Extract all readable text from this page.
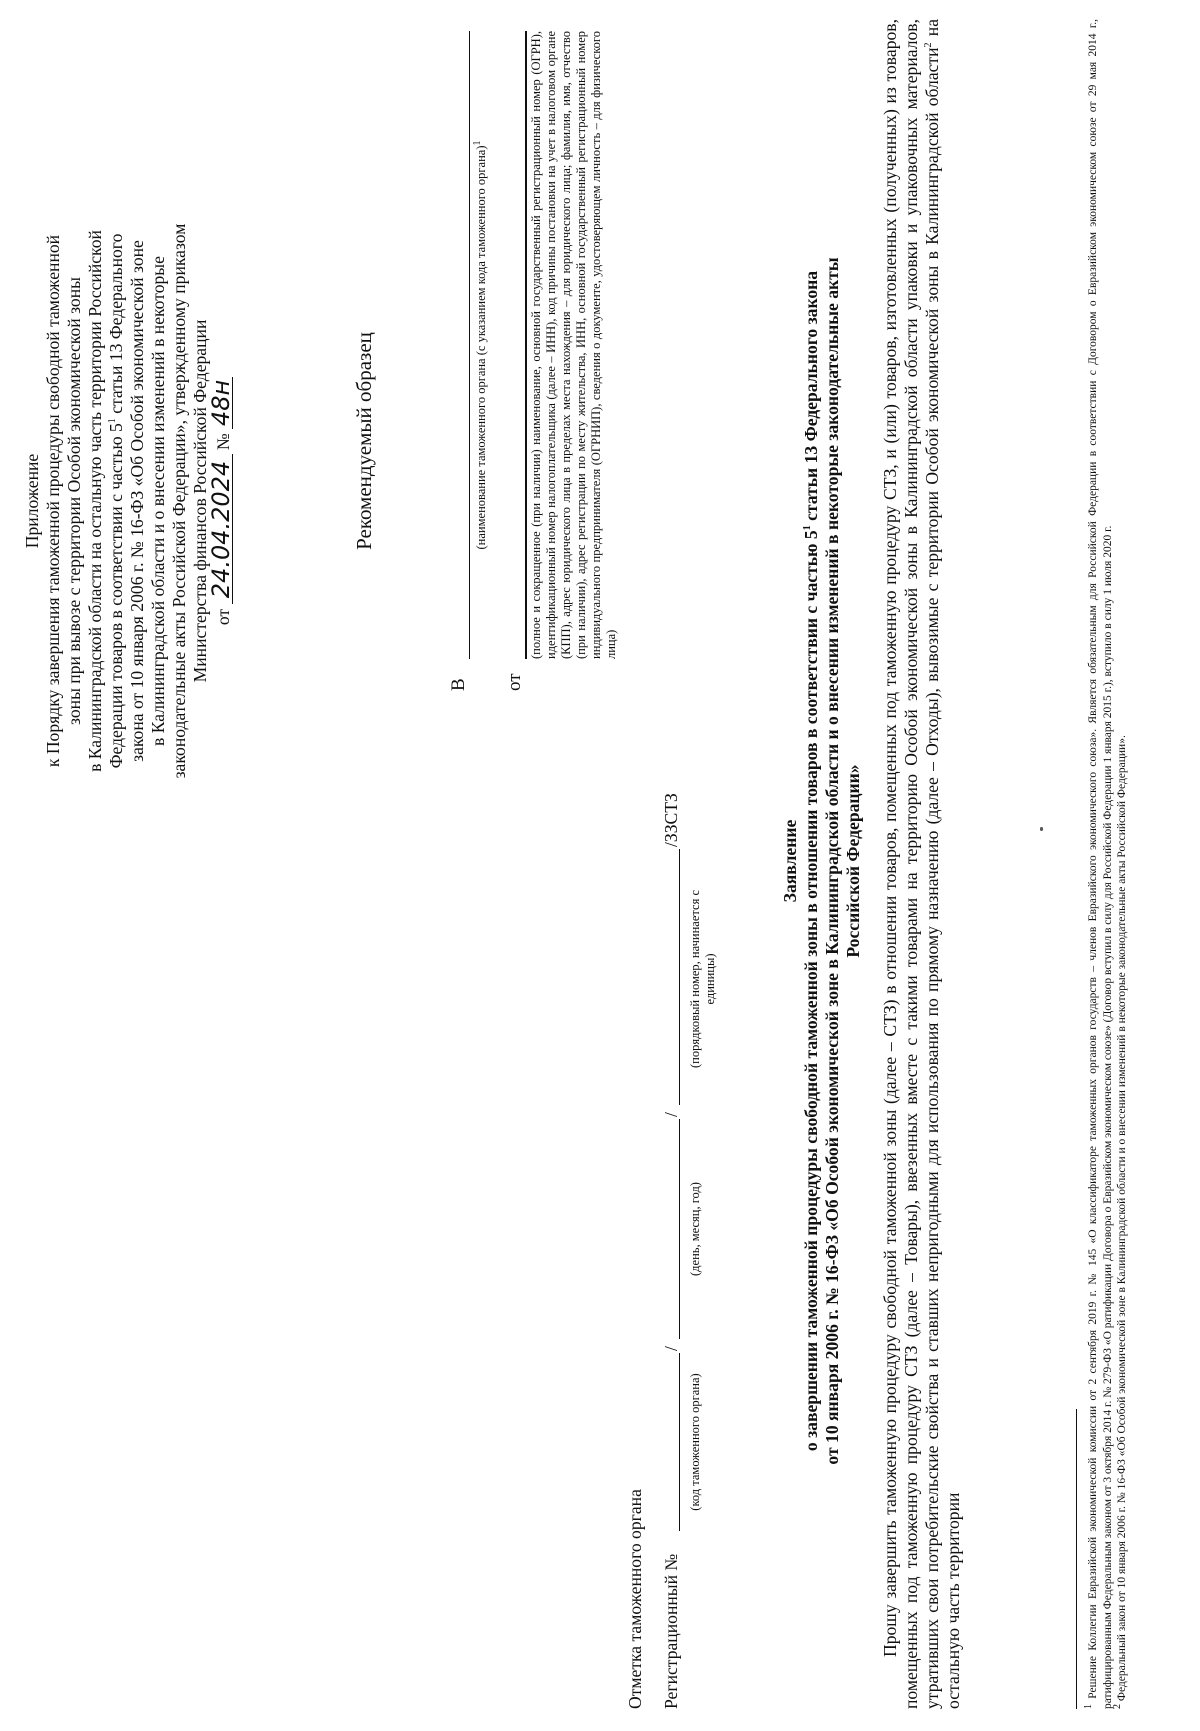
Приложение к Порядку завершения таможенной процедуры свободной таможенной зоны при вывозе с территории Особой экономической зоны в Калининградской области на остальную часть территории Российской Федерации товаров в соответствии с частью $5^1$ статьи 13 Федерального закона от 10 января 2006 г. № 16-ФЗ «Об Особой экономической зоне в Калининградской области и о внесении изменений в некоторые законодательные акты Российской Федерации», утвержденному приказом Министерства финансов Российской Федерации от 24.04.2024 № 48н	Рекомендуемый образец
В
(наименование таможенного органа (с указанием кода таможенного органа)$^1$
от
(полное и сокращенное (при наличии) наименование, основной государственный регистрационный номер (ОГРН), идентификационный номер налогоплательщика (далее – ИНН), код причины постановки на учет в налоговом органе (КПП), адрес юридического лица в пределах места нахождения – для юридического лица; фамилия, имя, отчество (при наличии), адрес регистрации по месту жительства, ИНН, основной государственный регистрационный номер индивидуального предпринимателя (ОГРНИП), сведения о документе, удостоверяющем личность – для физического лица)
Отметка таможенного органа Регистрационный №
/
/
/ЗЗСТЗ
(код таможенного органа)
(день, месяц, год)
(порядковый номер, начинается с единицы)
Заявление о завершении таможенной процедуры свободной таможенной зоны в отношении товаров в соответствии с частью $5^1$ статьи 13 Федерального закона от 10 января 2006 г. № 16-ФЗ «Об Особой экономической зоне в Калининградской области и о внесении изменений в некоторые законодательные акты Российской Федерации» Прошу завершить таможенную процедуру свободной таможенной зоны (далее – СТЗ) в отношении товаров, помещенных под таможенную процедуру СТЗ, и (или) товаров, изготовленных (полученных) из товаров, помещенных под таможенную процедуру СТЗ (далее – Товары), ввезенных вместе с такими товарами на территорию Особой экономической зоны в Калининградской области упаковки и упаковочных материалов, утративших свои потребительские свойства и ставших непригодными для использования по прямому назначению (далее – Отходы), вывозимые с территории Особой экономической зоны в Калининградской области$^2$ на остальную часть территории	$^1$ Решение Коллегии Евразийской экономической комиссии от 2 сентября 2019 г. № 145 «О классификаторе таможенных органов государств – членов Евразийского экономического союза». Является обязательным для Российской Федерации в соответствии с Договором о Евразийском экономическом союзе от 29 мая 2014 г., ратифицированным Федеральным законом от 3 октября 2014 г. № 279-ФЗ «О ратификации Договора о Евразийском экономическом союзе» (Договор вступил в силу для Российской Федерации 1 января 2015 г.), вступило в силу 1 июля 2020 г.

$^2$ Федеральный закон от 10 января 2006 г. № 16-ФЗ «Об Особой экономической зоне в Калининградской области и о внесении изменений в некоторые законодательные акты Российской Федерации».
